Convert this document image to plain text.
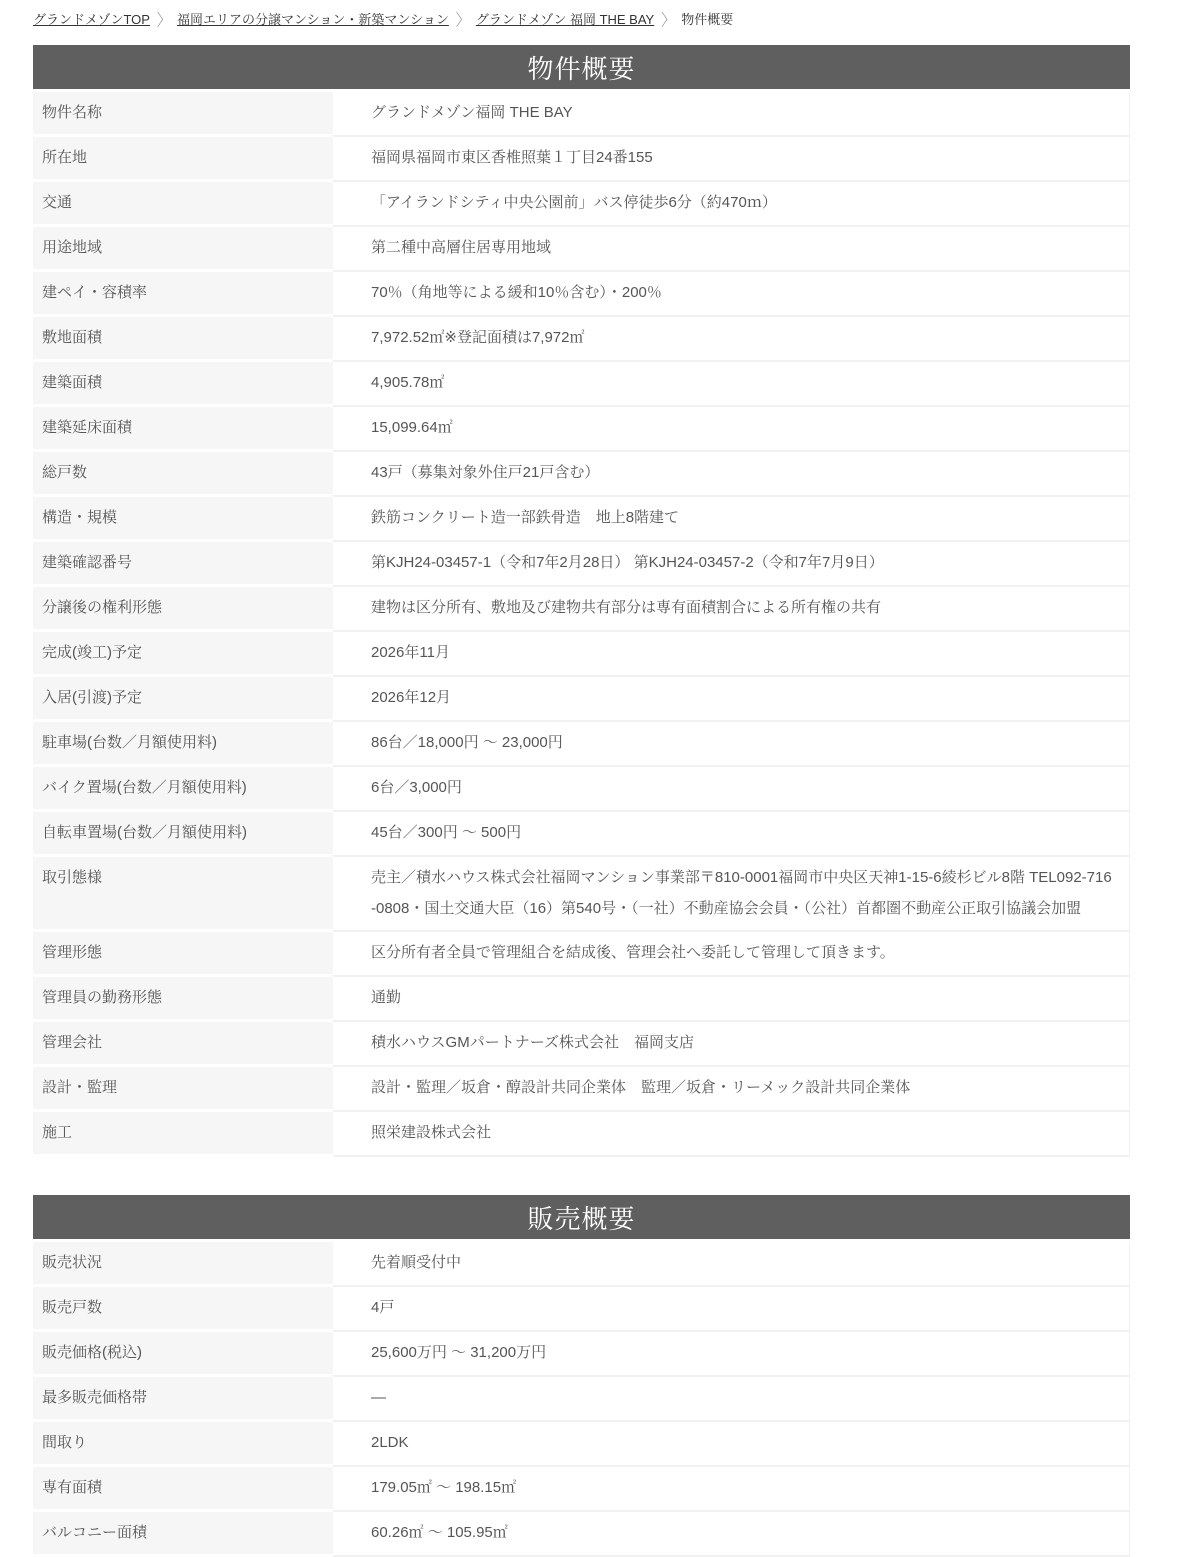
グランドメゾンTOP 〉 福岡エリアの分譲マンション・新築マンション 〉 グランドメゾン 福岡 THE BAY 〉 物件概要
物件概要
物件名称	グランドメゾン福岡 THE BAY
所在地	福岡県福岡市東区香椎照葉１丁目24番155
交通	「アイランドシティ中央公園前」バス停徒歩6分（約470ｍ）
用途地域	第二種中高層住居専用地域
建ペイ・容積率	70％（角地等による緩和10％含む）・200％
敷地面積	7,972.52㎡※登記面積は7,972㎡
建築面積	4,905.78㎡
建築延床面積	15,099.64㎡
総戸数	43戸（募集対象外住戸21戸含む）
構造・規模	鉄筋コンクリート造一部鉄骨造　地上8階建て
建築確認番号	第KJH24-03457-1（令和7年2月28日） 第KJH24-03457-2（令和7年7月9日）
分譲後の権利形態	建物は区分所有、敷地及び建物共有部分は専有面積割合による所有権の共有
完成(竣工)予定	2026年11月
入居(引渡)予定	2026年12月
駐車場(台数／月額使用料)	86台／18,000円 ～ 23,000円
バイク置場(台数／月額使用料)	6台／3,000円
自転車置場(台数／月額使用料)	45台／300円 ～ 500円
取引態様	売主／積水ハウス株式会社福岡マンション事業部〒810-0001福岡市中央区天神1-15-6綾杉ビル8階 TEL092-716-0808・国土交通大臣（16）第540号・（一社）不動産協会会員・（公社）首都圏不動産公正取引協議会加盟
管理形態	区分所有者全員で管理組合を結成後、管理会社へ委託して管理して頂きます。
管理員の勤務形態	通勤
管理会社	積水ハウスGMパートナーズ株式会社　福岡支店
設計・監理	設計・監理／坂倉・醇設計共同企業体　監理／坂倉・リーメック設計共同企業体
施工	照栄建設株式会社
販売概要
販売状況	先着順受付中
販売戸数	4戸
販売価格(税込)	25,600万円 ～ 31,200万円
最多販売価格帯	―
間取り	2LDK
専有面積	179.05㎡ ～ 198.15㎡
バルコニー面積	60.26㎡ ～ 105.95㎡
